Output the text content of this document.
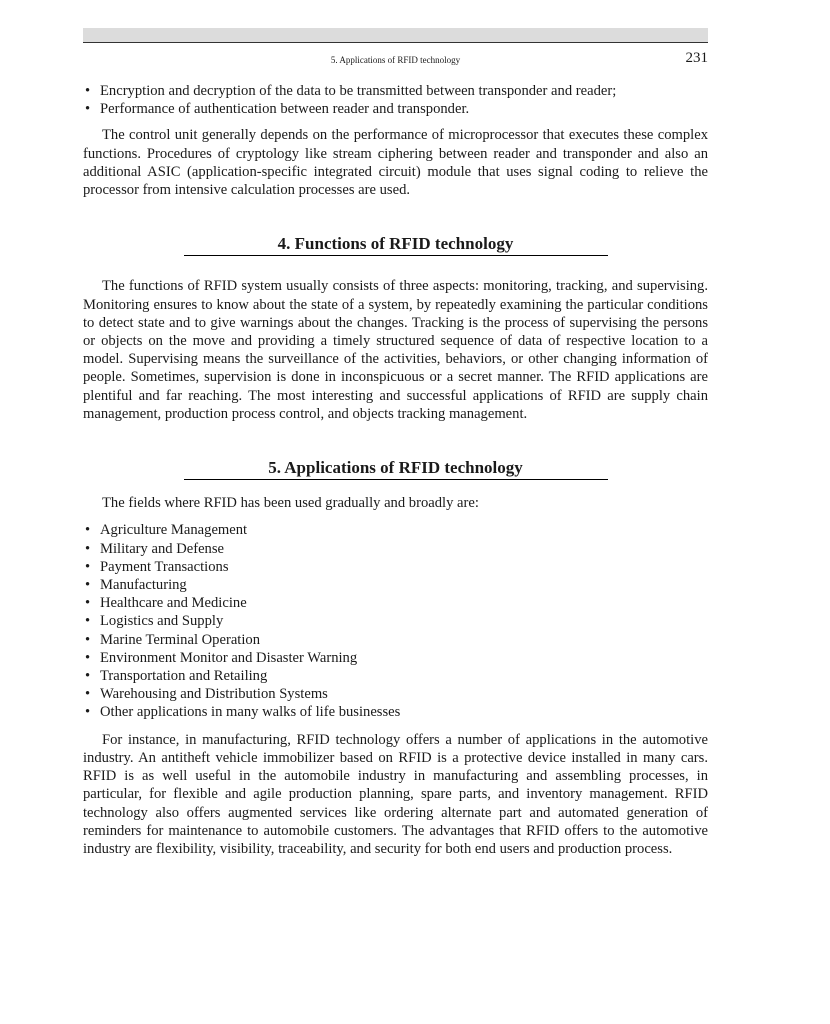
5. Applications of RFID technology	231
• Encryption and decryption of the data to be transmitted between transponder and reader;
• Performance of authentication between reader and transponder.

The control unit generally depends on the performance of microprocessor that executes these complex functions. Procedures of cryptology like stream ciphering between reader and transponder and also an additional ASIC (application-specific integrated circuit) module that uses signal coding to relieve the processor from intensive calculation processes are used.

4. Functions of RFID technology

The functions of RFID system usually consists of three aspects: monitoring, tracking, and supervising. Monitoring ensures to know about the state of a system, by repeatedly examining the particular conditions to detect state and to give warnings about the changes. Tracking is the process of supervising the persons or objects on the move and providing a timely structured sequence of data of respective location to a model. Supervising means the surveillance of the activities, behaviors, or other changing information of people. Sometimes, supervision is done in inconspicuous or a secret manner. The RFID applications are plentiful and far reaching. The most interesting and successful applications of RFID are supply chain management, production process control, and objects tracking management.

5. Applications of RFID technology

The fields where RFID has been used gradually and broadly are:

• Agriculture Management
• Military and Defense
• Payment Transactions
• Manufacturing
• Healthcare and Medicine
• Logistics and Supply
• Marine Terminal Operation
• Environment Monitor and Disaster Warning
• Transportation and Retailing
• Warehousing and Distribution Systems
• Other applications in many walks of life businesses

For instance, in manufacturing, RFID technology offers a number of applications in the automotive industry. An antitheft vehicle immobilizer based on RFID is a protective device installed in many cars. RFID is as well useful in the automobile industry in manufacturing and assembling processes, in particular, for flexible and agile production planning, spare parts, and inventory management. RFID technology also offers augmented services like ordering alternate part and automated generation of reminders for maintenance to automobile customers. The advantages that RFID offers to the automotive industry are flexibility, visibility, traceability, and security for both end users and production process.
